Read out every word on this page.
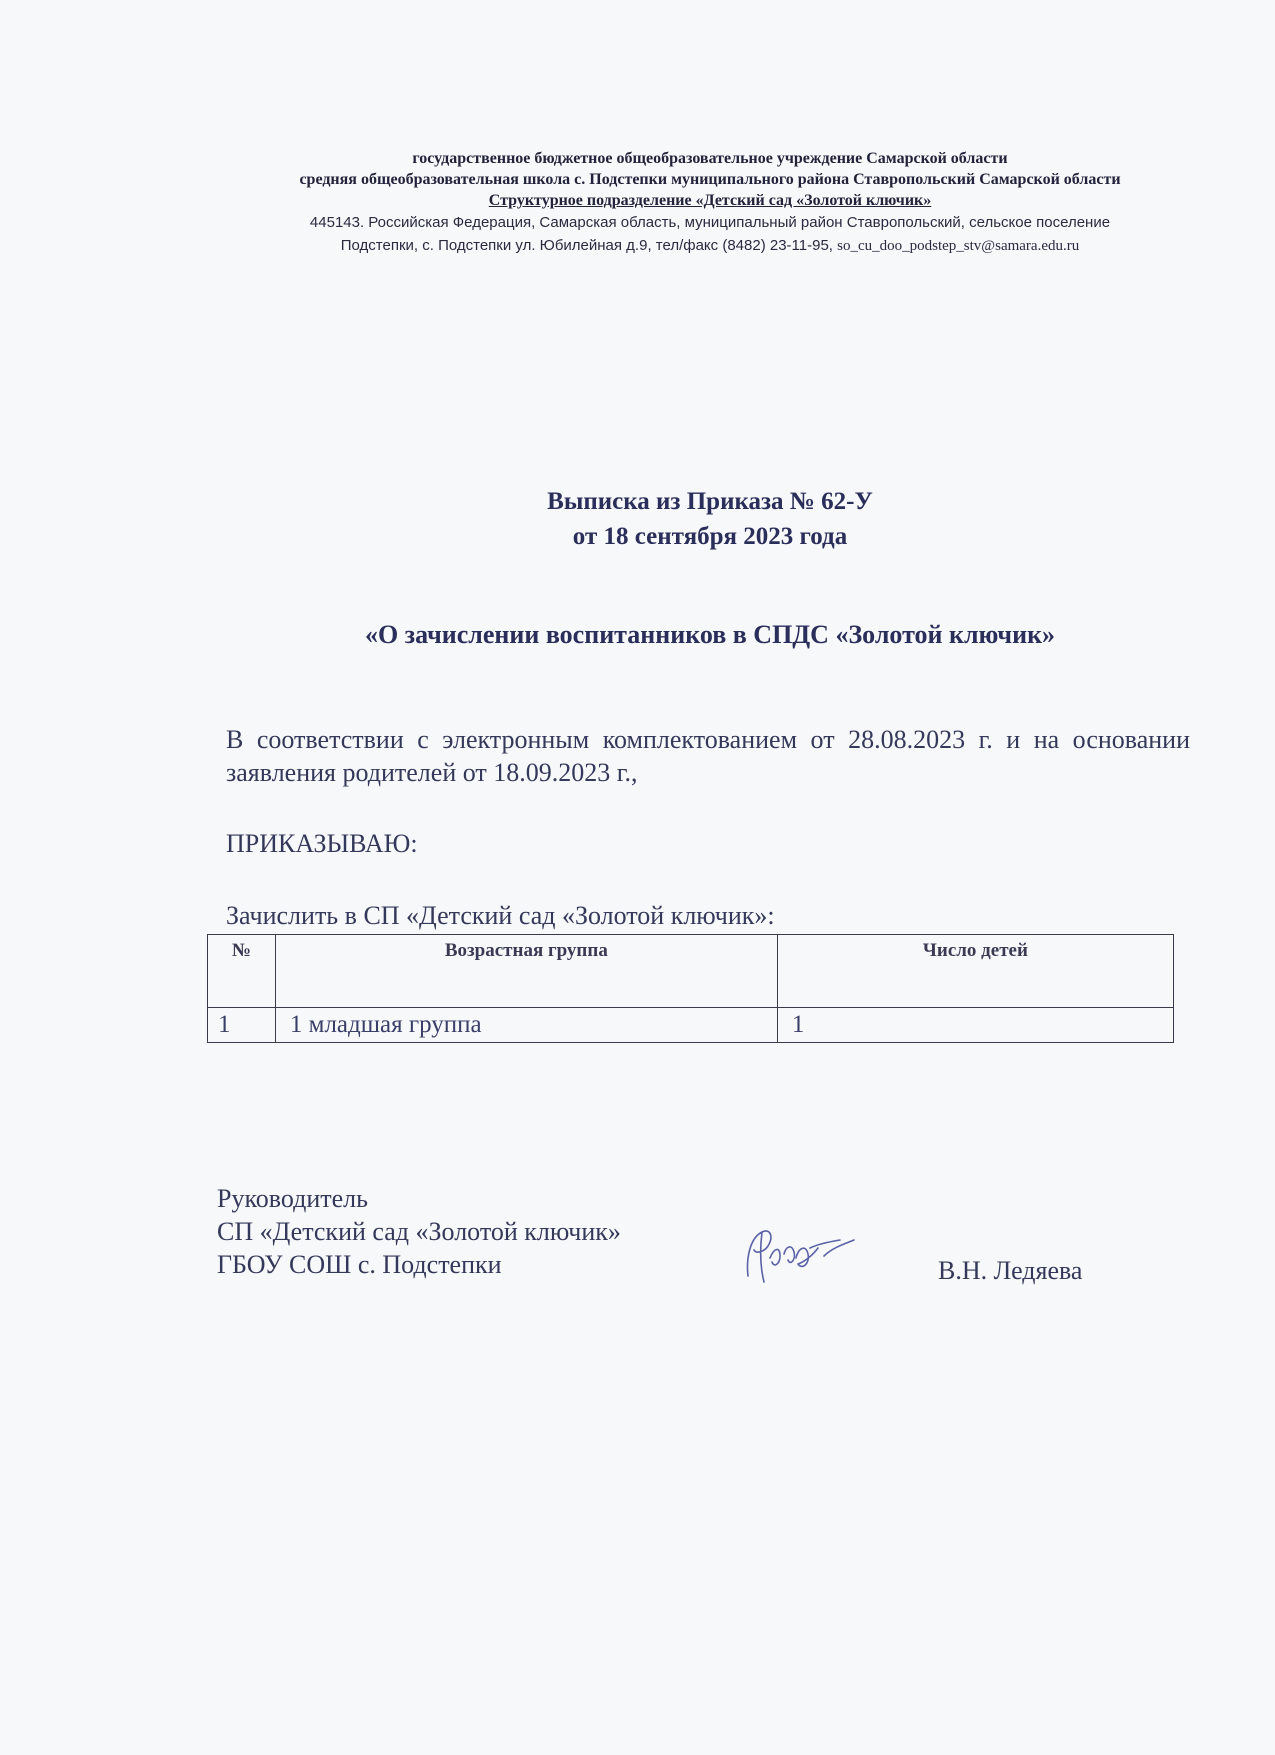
государственное бюджетное общеобразовательное учреждение Самарской области
средняя общеобразовательная школа с. Подстепки муниципального района Ставропольский Самарской области
Структурное подразделение «Детский сад «Золотой ключик»
445143. Российская Федерация, Самарская область, муниципальный район Ставропольский, сельское поселение
Подстепки, с. Подстепки ул. Юбилейная д.9, тел/факс (8482) 23-11-95, so_cu_doo_podstep_stv@samara.edu.ru
Выписка из Приказа № 62-У
от 18 сентября 2023 года
«О зачислении воспитанников в СПДС «Золотой ключик»
В соответствии с электронным комплектованием от 28.08.2023 г. и на основании заявления родителей от 18.09.2023 г.,
ПРИКАЗЫВАЮ:
Зачислить в СП «Детский сад «Золотой ключик»:
№	Возрастная группа	Число детей
1	1 младшая группа	1
Руководитель
СП «Детский сад «Золотой ключик»
ГБОУ СОШ с. Подстепки	В.Н. Ледяева
